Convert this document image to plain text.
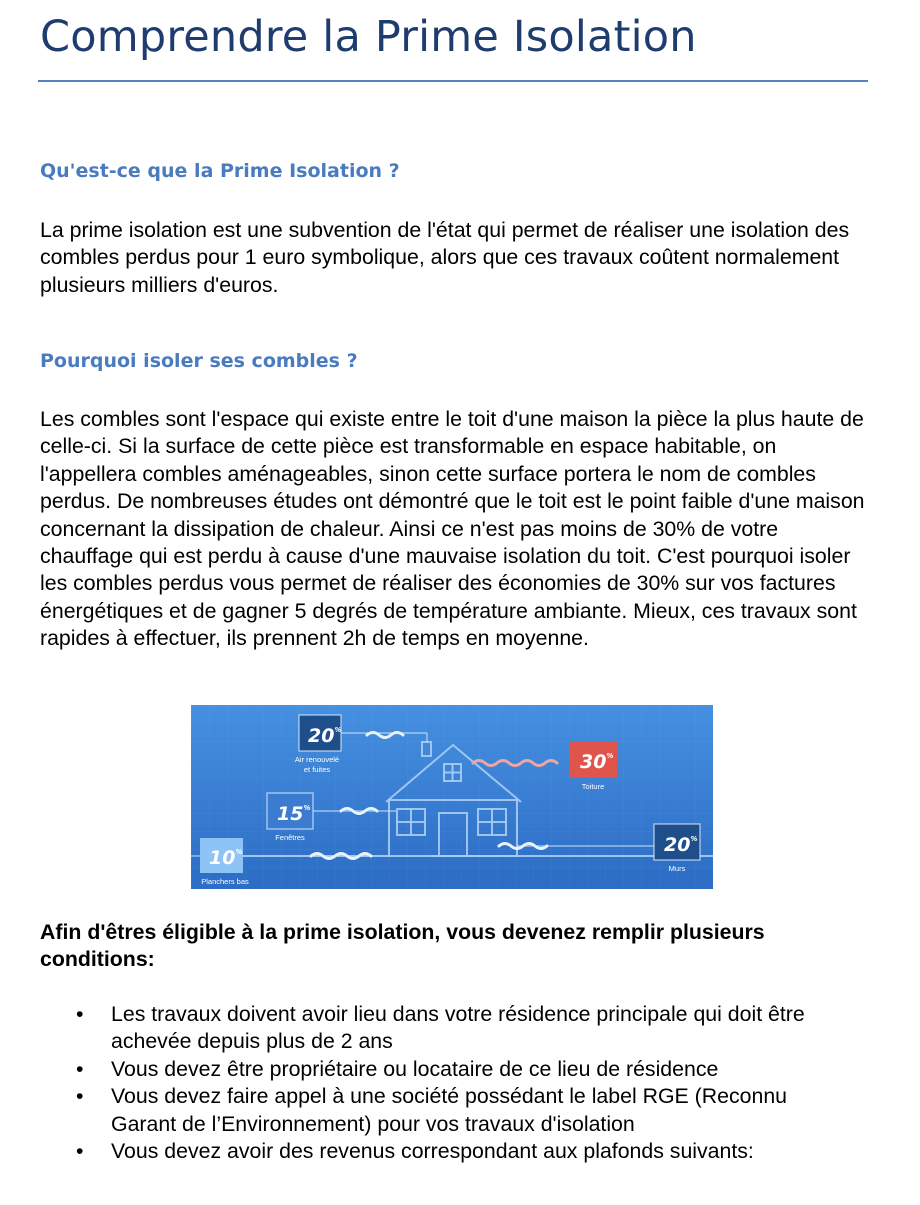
Comprendre la Prime Isolation
Qu'est-ce que la Prime Isolation ?

La prime isolation est une subvention de l'état qui permet de réaliser une isolation des combles perdus pour 1 euro symbolique, alors que ces travaux coûtent normalement plusieurs milliers d'euros.

Pourquoi isoler ses combles ?

Les combles sont l'espace qui existe entre le toit d'une maison la pièce la plus haute de celle-ci. Si la surface de cette pièce est transformable en espace habitable, on l'appellera combles aménageables, sinon cette surface portera le nom de combles perdus. De nombreuses études ont démontré que le toit est le point faible d'une maison concernant la dissipation de chaleur. Ainsi ce n'est pas moins de 30% de votre chauffage qui est perdu à cause d'une mauvaise isolation du toit. C'est pourquoi isoler les combles perdus vous permet de réaliser des économies de 30% sur vos factures énergétiques et de gagner 5 degrés de température ambiante. Mieux, ces travaux sont rapides à effectuer, ils prennent 2h de temps en moyenne.

20%
Air renouvelé
et fuites	30%
Toiture
15%
Fenêtres
10%
Planchers bas
20%
Murs

Afin d'êtres éligible à la prime isolation, vous devenez remplir plusieurs conditions:

• Les travaux doivent avoir lieu dans votre résidence principale qui doit être achevée depuis plus de 2 ans
• Vous devez être propriétaire ou locataire de ce lieu de résidence
• Vous devez faire appel à une société possédant le label RGE (Reconnu Garant de l’Environnement) pour vos travaux d'isolation
• Vous devez avoir des revenus correspondant aux plafonds suivants:
